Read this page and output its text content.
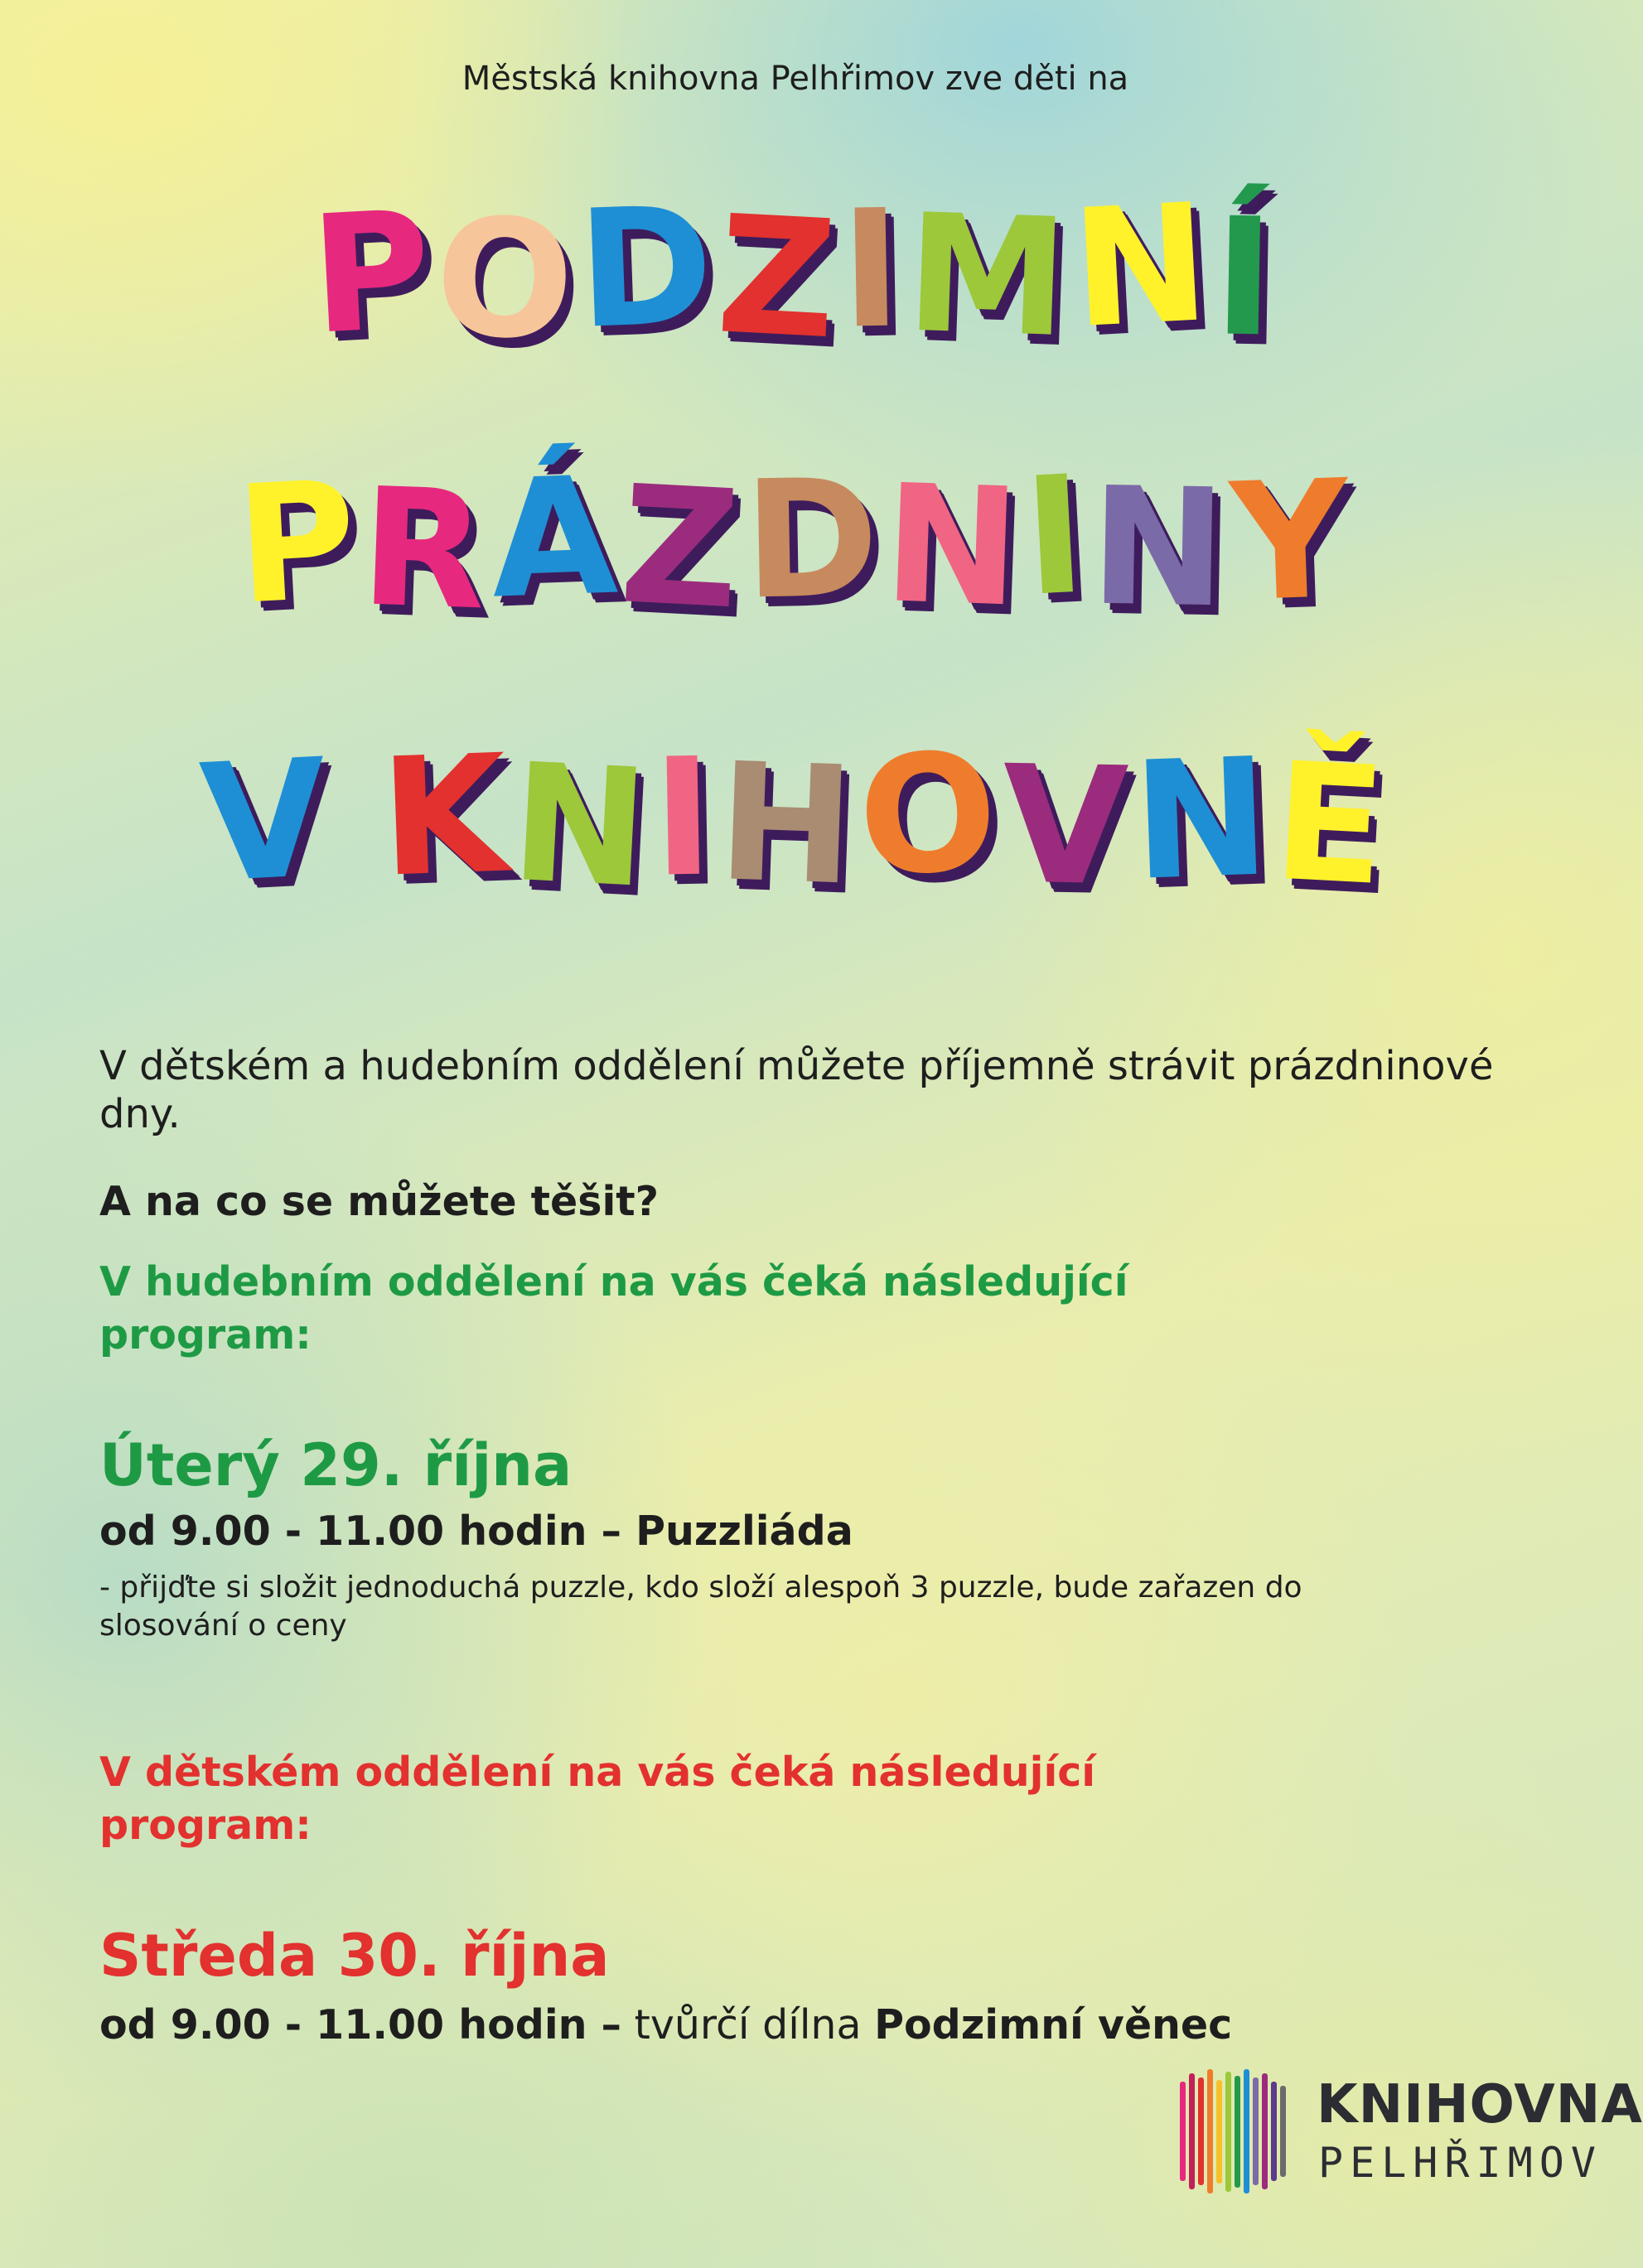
Městská knihovna Pelhřimov zve děti na
PODZIMNÍ
PRÁZDNINY
V KNIHOVNĚ
V dětském a hudebním oddělení můžete příjemně strávit prázdninové dny.
A na co se můžete těšit?
V hudebním oddělení na vás čeká následující program:
Úterý 29. října
od 9.00 - 11.00 hodin – Puzzliáda
- přijďte si složit jednoduchá puzzle, kdo složí alespoň 3 puzzle, bude zařazen do slosování o ceny
V dětském oddělení na vás čeká následující program:
Středa 30. října
od 9.00 - 11.00 hodin – tvůrčí dílna Podzimní věnec
KNIHOVNA
PELHŘIMOV
